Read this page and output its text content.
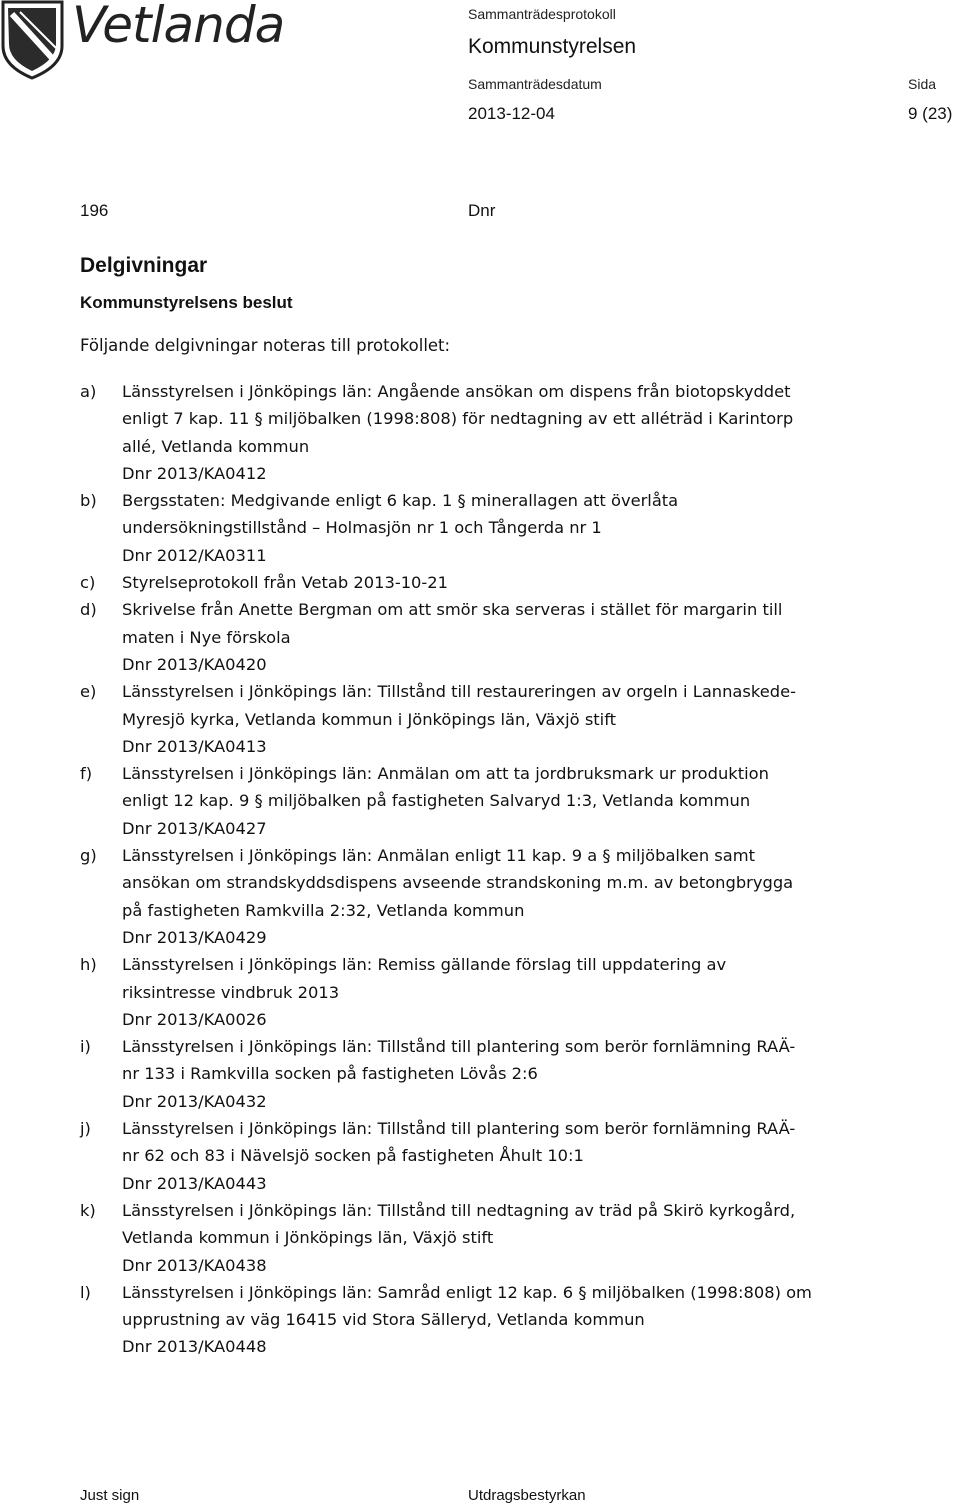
Vetlanda	Sammanträdesprotokoll
Kommunstyrelsen
Sammanträdesdatum	Sida
2013-12-04	9 (23)
196	Dnr
Delgivningar
Kommunstyrelsens beslut
Följande delgivningar noteras till protokollet:
a) Länsstyrelsen i Jönköpings län: Angående ansökan om dispens från biotopskyddet
enligt 7 kap. 11 § miljöbalken (1998:808) för nedtagning av ett alléträd i Karintorp
allé, Vetlanda kommun
Dnr 2013/KA0412
b) Bergsstaten: Medgivande enligt 6 kap. 1 § minerallagen att överlåta
undersökningstillstånd – Holmasjön nr 1 och Tångerda nr 1
Dnr 2012/KA0311
c) Styrelseprotokoll från Vetab 2013-10-21
d) Skrivelse från Anette Bergman om att smör ska serveras i stället för margarin till
maten i Nye förskola
Dnr 2013/KA0420
e) Länsstyrelsen i Jönköpings län: Tillstånd till restaureringen av orgeln i Lannaskede-
Myresjö kyrka, Vetlanda kommun i Jönköpings län, Växjö stift
Dnr 2013/KA0413
f) Länsstyrelsen i Jönköpings län: Anmälan om att ta jordbruksmark ur produktion
enligt 12 kap. 9 § miljöbalken på fastigheten Salvaryd 1:3, Vetlanda kommun
Dnr 2013/KA0427
g) Länsstyrelsen i Jönköpings län: Anmälan enligt 11 kap. 9 a § miljöbalken samt
ansökan om strandskyddsdispens avseende strandskoning m.m. av betongbrygga
på fastigheten Ramkvilla 2:32, Vetlanda kommun
Dnr 2013/KA0429
h) Länsstyrelsen i Jönköpings län: Remiss gällande förslag till uppdatering av
riksintresse vindbruk 2013
Dnr 2013/KA0026
i) Länsstyrelsen i Jönköpings län: Tillstånd till plantering som berör fornlämning RAÄ-
nr 133 i Ramkvilla socken på fastigheten Lövås 2:6
Dnr 2013/KA0432
j) Länsstyrelsen i Jönköpings län: Tillstånd till plantering som berör fornlämning RAÄ-
nr 62 och 83 i Nävelsjö socken på fastigheten Åhult 10:1
Dnr 2013/KA0443
k) Länsstyrelsen i Jönköpings län: Tillstånd till nedtagning av träd på Skirö kyrkogård,
Vetlanda kommun i Jönköpings län, Växjö stift
Dnr 2013/KA0438
l) Länsstyrelsen i Jönköpings län: Samråd enligt 12 kap. 6 § miljöbalken (1998:808) om
upprustning av väg 16415 vid Stora Sälleryd, Vetlanda kommun
Dnr 2013/KA0448
Just sign	Utdragsbestyrkan
